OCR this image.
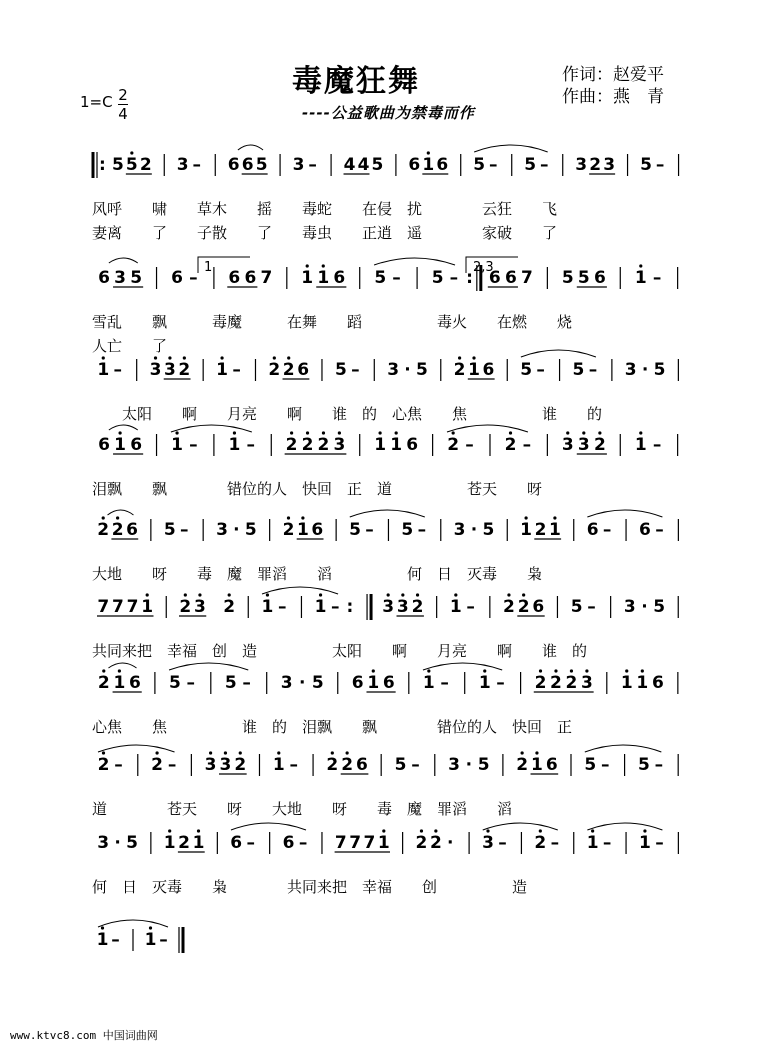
毒魔狂舞
----公益歌曲为禁毒而作
作词：赵爱平
作曲：燕　青
1=C 2
4
: 5 5 2 3 – 6 6 5 3 – 4 4 5 6 1 6 5 – 5 – 3 2 3 5 –
风呼　　啸　　草木　　摇　　毒蛇　　在侵　扰　　　　云狂　　飞
妻离　　了　　子散　　了　　毒虫　　正逍　遥　　　　家破　　了
6 3 5 6 – 6 6 7 1 1 6 5 – 5 – : 6 6 7 5 5 6 1 –
1	2,3
雪乱　　飘　　　毒魔　　　在舞　　蹈　　　　　毒火　　在燃　　烧
人亡　　了
1 – 3 3 2 1 – 2 2 6 5 – 3 · 5 2 1 6 5 – 5 – 3 · 5
　　太阳　　啊　　月亮　　啊　　谁　的　心焦　　焦　　　　　谁　　的
6 1 6 1 – 1 – 2 2 2 3 1 1 6 2 – 2 – 3 3 2 1 –
泪飘　　飘　　　　错位的人　快回　正　道　　　　　苍天　　呀
2 2 6 5 – 3 · 5 2 1 6 5 – 5 – 3 · 5 1 2 1 6 – 6 –
大地　　呀　　毒　魔　罪滔　　滔　　　　　何　日　灭毒　　枭
7 7 7 1 2 3 2 1 – 1 – : 3 3 2 1 – 2 2 6 5 – 3 · 5
共同来把　幸福　创　造　　　　　太阳　　啊　　月亮　　啊　　谁　的
2 1 6 5 – 5 – 3 · 5 6 1 6 1 – 1 – 2 2 2 3 1 1 6
心焦　　焦　　　　　谁　的　泪飘　　飘　　　　错位的人　快回　正
2 – 2 – 3 3 2 1 – 2 2 6 5 – 3 · 5 2 1 6 5 – 5 –
道　　　　苍天　　呀　　大地　　呀　　毒　魔　罪滔　　滔
3 · 5 1 2 1 6 – 6 – 7 7 7 1 2 2 · 3 – 2 – 1 – 1 –
何　日　灭毒　　枭　　　　共同来把　幸福　　创　　　　　造
1 – 1 –
www.ktvc8.com 中国词曲网
